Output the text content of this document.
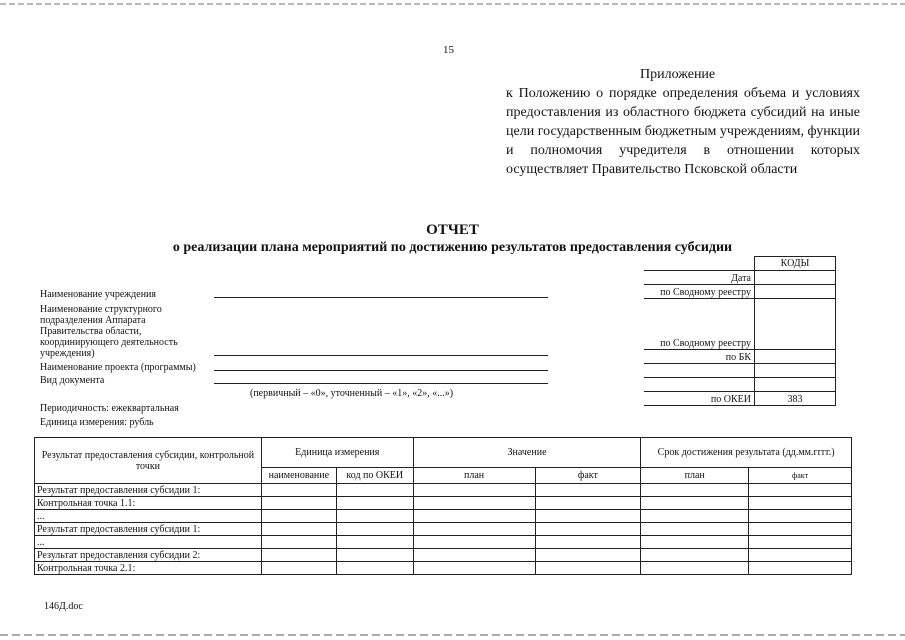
15
Приложение

к Положению о порядке определения объема и условиях предоставления из областного бюджета субсидий на иные цели государственным бюджетным учреждениям, функции и полномочия учредителя в отношении которых осуществляет Правительство Псковской области

ОТЧЕТ
о реализации плана мероприятий по достижению результатов предоставления субсидии
Наименование учреждения
Наименование структурного подразделения Аппарата Правительства области, координирующего деятельность учреждения)
Наименование проекта (программы)
Вид документа
(первичный – «0», уточненный – «1», «2», «...»)
Периодичность: ежеквартальная
Единица измерения: рубль
	КОДЫ
Дата	
по Сводному реестру	
по Сводному реестру	
по БК	

по ОКЕИ	383
Результат предоставления субсидии, контрольной точки	Единица измерения		Значение		Срок достижения результата (дд.мм.гггг.)	
	наименование	код по ОКЕИ	план	факт	план	факт
Результат предоставления субсидии 1:						
Контрольная точка 1.1:						
...						
Результат предоставления субсидии 1:						
...						
Результат предоставления субсидии 2:						
Контрольная точка 2.1:						
146Д.doc
